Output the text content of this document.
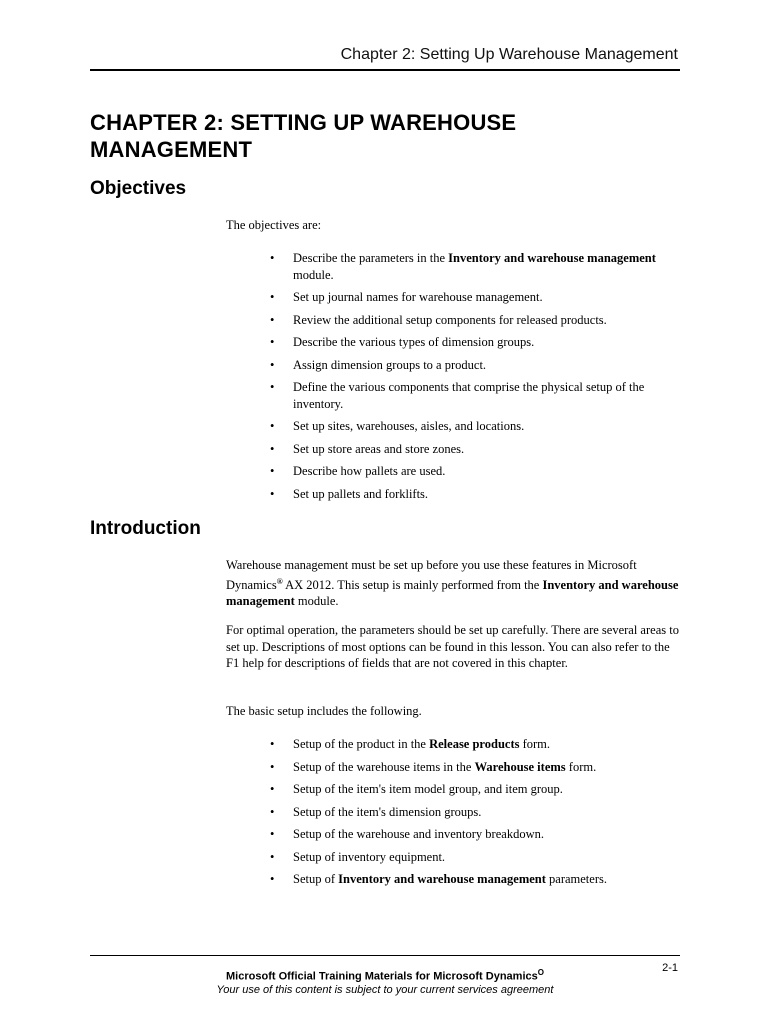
Chapter 2: Setting Up Warehouse Management
CHAPTER 2: SETTING UP WAREHOUSE MANAGEMENT
Objectives

The objectives are:

• Describe the parameters in the Inventory and warehouse management module.
• Set up journal names for warehouse management.
• Review the additional setup components for released products.
• Describe the various types of dimension groups.
• Assign dimension groups to a product.
• Define the various components that comprise the physical setup of the inventory.
• Set up sites, warehouses, aisles, and locations.
• Set up store areas and store zones.
• Describe how pallets are used.
• Set up pallets and forklifts.
Introduction

Warehouse management must be set up before you use these features in Microsoft Dynamics® AX 2012. This setup is mainly performed from the Inventory and warehouse management module.

For optimal operation, the parameters should be set up carefully. There are several areas to set up. Descriptions of most options can be found in this lesson. You can also refer to the F1 help for descriptions of fields that are not covered in this chapter.

The basic setup includes the following.

• Setup of the product in the Release products form.
• Setup of the warehouse items in the Warehouse items form.
• Setup of the item's item model group, and item group.
• Setup of the item's dimension groups.
• Setup of the warehouse and inventory breakdown.
• Setup of inventory equipment.
• Setup of Inventory and warehouse management parameters.
Microsoft Official Training Materials for Microsoft Dynamics$^O$
Your use of this content is subject to your current services agreement
2-1
